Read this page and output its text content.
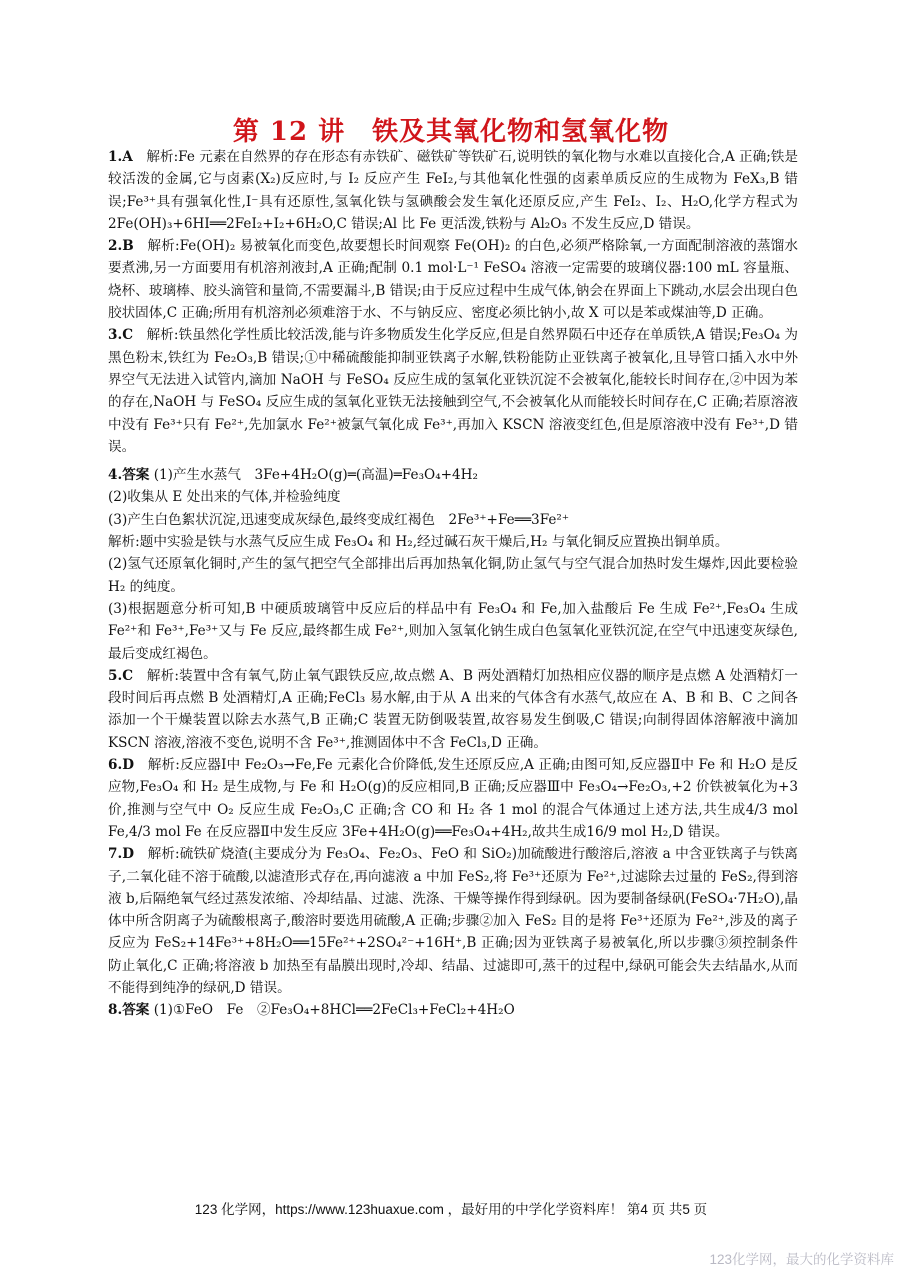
第 12 讲　铁及其氧化物和氢氧化物

1.A　解析:Fe 元素在自然界的存在形态有赤铁矿、磁铁矿等铁矿石,说明铁的氧化物与水难以直接化合,A 正确;铁是较活泼的金属,它与卤素(X₂)反应时,与 I₂ 反应产生 FeI₂,与其他氧化性强的卤素单质反应的生成物为 FeX₃,B 错误;Fe³⁺具有强氧化性,I⁻具有还原性,氢氧化铁与氢碘酸会发生氧化还原反应,产生 FeI₂、I₂、H₂O,化学方程式为 2Fe(OH)₃+6HI══2FeI₂+I₂+6H₂O,C 错误;Al 比 Fe 更活泼,铁粉与 Al₂O₃ 不发生反应,D 错误。

2.B　解析:Fe(OH)₂ 易被氧化而变色,故要想长时间观察 Fe(OH)₂ 的白色,必须严格除氧,一方面配制溶液的蒸馏水要煮沸,另一方面要用有机溶剂液封,A 正确;配制 0.1 mol·L⁻¹ FeSO₄ 溶液一定需要的玻璃仪器:100 mL 容量瓶、烧杯、玻璃棒、胶头滴管和量筒,不需要漏斗,B 错误;由于反应过程中生成气体,钠会在界面上下跳动,水层会出现白色胶状固体,C 正确;所用有机溶剂必须难溶于水、不与钠反应、密度必须比钠小,故 X 可以是苯或煤油等,D 正确。

3.C　解析:铁虽然化学性质比较活泼,能与许多物质发生化学反应,但是自然界陨石中还存在单质铁,A 错误;Fe₃O₄ 为黑色粉末,铁红为 Fe₂O₃,B 错误;①中稀硫酸能抑制亚铁离子水解,铁粉能防止亚铁离子被氧化,且导管口插入水中外界空气无法进入试管内,滴加 NaOH 与 FeSO₄ 反应生成的氢氧化亚铁沉淀不会被氧化,能较长时间存在,②中因为苯的存在,NaOH 与 FeSO₄ 反应生成的氢氧化亚铁无法接触到空气,不会被氧化从而能较长时间存在,C 正确;若原溶液中没有 Fe³⁺只有 Fe²⁺,先加氯水 Fe²⁺被氯气氧化成 Fe³⁺,再加入 KSCN 溶液变红色,但是原溶液中没有 Fe³⁺,D 错误。

4.答案 (1)产生水蒸气　3Fe+4H₂O(g)═(高温)═Fe₃O₄+4H₂

(2)收集从 E 处出来的气体,并检验纯度

(3)产生白色絮状沉淀,迅速变成灰绿色,最终变成红褐色　2Fe³⁺+Fe══3Fe²⁺

解析:题中实验是铁与水蒸气反应生成 Fe₃O₄ 和 H₂,经过碱石灰干燥后,H₂ 与氧化铜反应置换出铜单质。

(2)氢气还原氧化铜时,产生的氢气把空气全部排出后再加热氧化铜,防止氢气与空气混合加热时发生爆炸,因此要检验 H₂ 的纯度。

(3)根据题意分析可知,B 中硬质玻璃管中反应后的样品中有 Fe₃O₄ 和 Fe,加入盐酸后 Fe 生成 Fe²⁺,Fe₃O₄ 生成 Fe²⁺和 Fe³⁺,Fe³⁺又与 Fe 反应,最终都生成 Fe²⁺,则加入氢氧化钠生成白色氢氧化亚铁沉淀,在空气中迅速变灰绿色,最后变成红褐色。

5.C　解析:装置中含有氧气,防止氧气跟铁反应,故点燃 A、B 两处酒精灯加热相应仪器的顺序是点燃 A 处酒精灯一段时间后再点燃 B 处酒精灯,A 正确;FeCl₃ 易水解,由于从 A 出来的气体含有水蒸气,故应在 A、B 和 B、C 之间各添加一个干燥装置以除去水蒸气,B 正确;C 装置无防倒吸装置,故容易发生倒吸,C 错误;向制得固体溶解液中滴加 KSCN 溶液,溶液不变色,说明不含 Fe³⁺,推测固体中不含 FeCl₃,D 正确。

6.D　解析:反应器Ⅰ中 Fe₂O₃→Fe,Fe 元素化合价降低,发生还原反应,A 正确;由图可知,反应器Ⅱ中 Fe 和 H₂O 是反应物,Fe₃O₄ 和 H₂ 是生成物,与 Fe 和 H₂O(g)的反应相同,B 正确;反应器Ⅲ中 Fe₃O₄→Fe₂O₃,+2 价铁被氧化为+3 价,推测与空气中 O₂ 反应生成 Fe₂O₃,C 正确;含 CO 和 H₂ 各 1 mol 的混合气体通过上述方法,共生成4/3 mol Fe,4/3 mol Fe 在反应器Ⅱ中发生反应 3Fe+4H₂O(g)══Fe₃O₄+4H₂,故共生成16/9 mol H₂,D 错误。

7.D　解析:硫铁矿烧渣(主要成分为 Fe₃O₄、Fe₂O₃、FeO 和 SiO₂)加硫酸进行酸溶后,溶液 a 中含亚铁离子与铁离子,二氧化硅不溶于硫酸,以滤渣形式存在,再向滤液 a 中加 FeS₂,将 Fe³⁺还原为 Fe²⁺,过滤除去过量的 FeS₂,得到溶液 b,后隔绝氧气经过蒸发浓缩、冷却结晶、过滤、洗涤、干燥等操作得到绿矾。因为要制备绿矾(FeSO₄·7H₂O),晶体中所含阴离子为硫酸根离子,酸溶时要选用硫酸,A 正确;步骤②加入 FeS₂ 目的是将 Fe³⁺还原为 Fe²⁺,涉及的离子反应为 FeS₂+14Fe³⁺+8H₂O══15Fe²⁺+2SO₄²⁻+16H⁺,B 正确;因为亚铁离子易被氧化,所以步骤③须控制条件防止氧化,C 正确;将溶液 b 加热至有晶膜出现时,冷却、结晶、过滤即可,蒸干的过程中,绿矾可能会失去结晶水,从而不能得到纯净的绿矾,D 错误。

8.答案 (1)①FeO　Fe　②Fe₃O₄+8HCl══2FeCl₃+FeCl₂+4H₂O

123 化学网，https://www.123huaxue.com ，最好用的中学化学资料库！ 第4 页 共5 页
123化学网，最大的化学资料库
